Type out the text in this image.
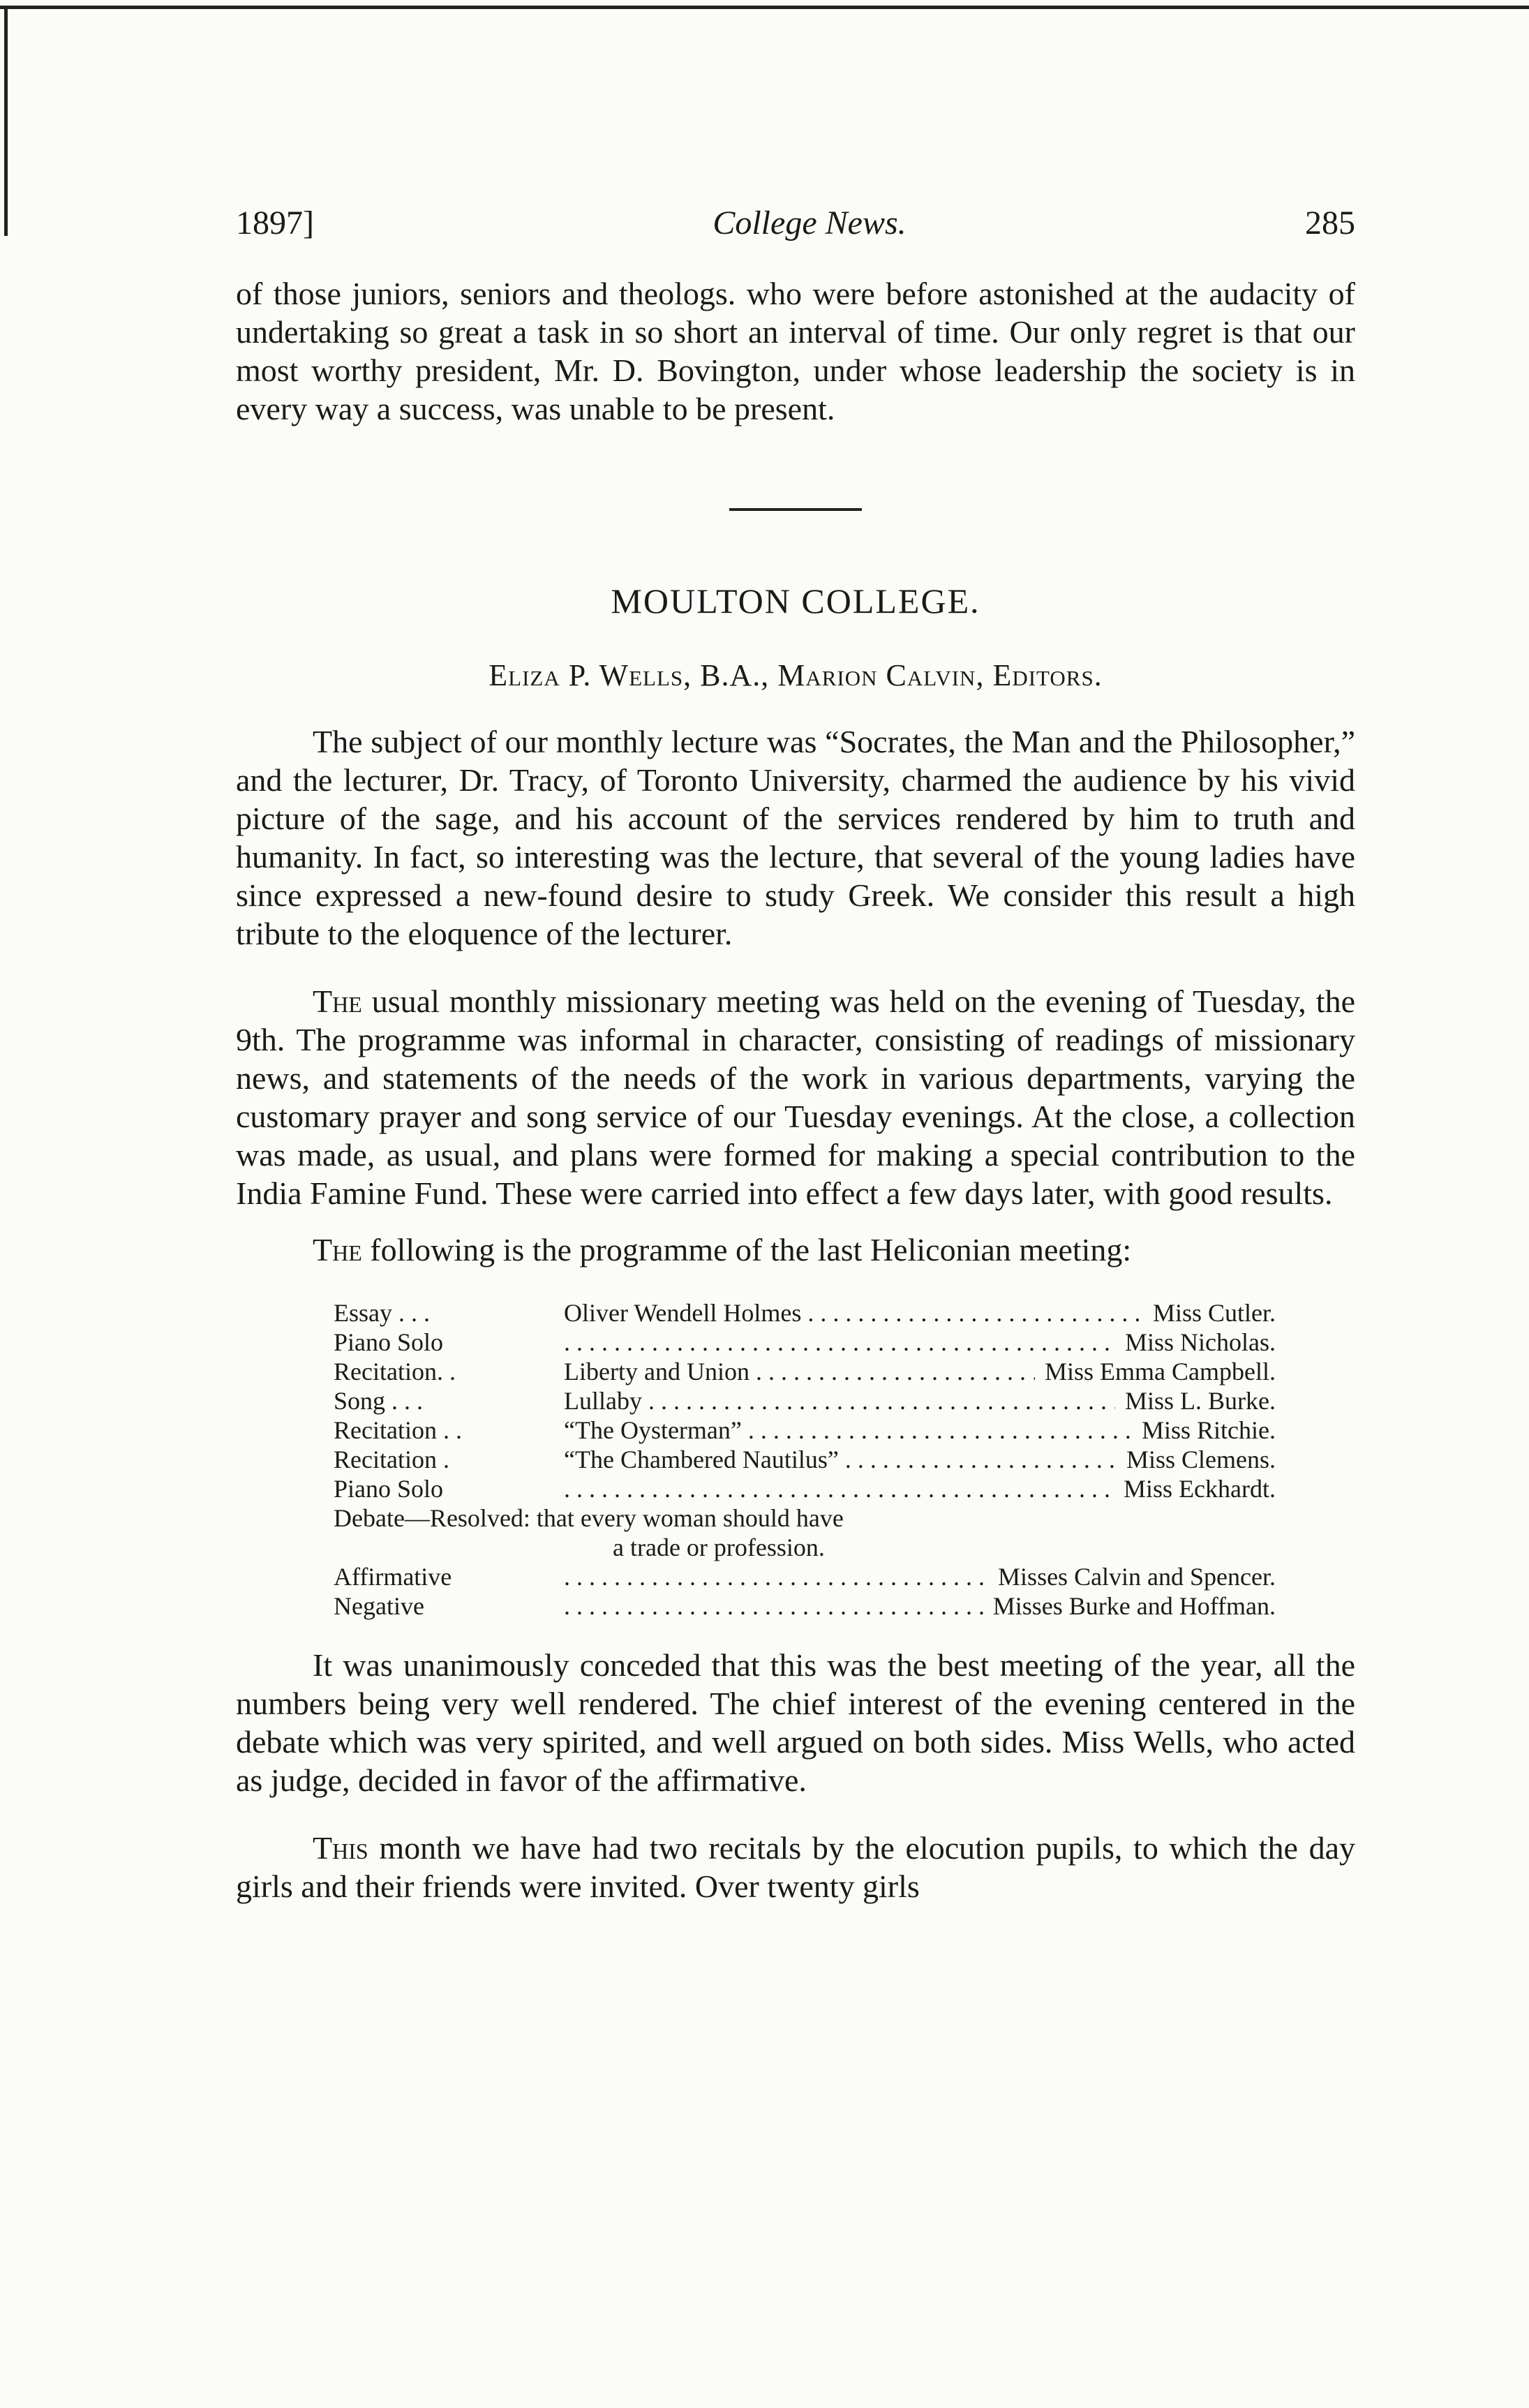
1897]	College News.	285

of those juniors, seniors and theologs. who were before astonished at the audacity of undertaking so great a task in so short an interval of time. Our only regret is that our most worthy president, Mr. D. Bovington, under whose leadership the society is in every way a success, was unable to be present.

MOULTON COLLEGE.
Eliza P. Wells, B.A., Marion Calvin, Editors.

The subject of our monthly lecture was “Socrates, the Man and the Philosopher,” and the lecturer, Dr. Tracy, of Toronto University, charmed the audience by his vivid picture of the sage, and his account of the services rendered by him to truth and humanity. In fact, so interesting was the lecture, that several of the young ladies have since expressed a new-found desire to study Greek. We consider this result a high tribute to the eloquence of the lecturer.

The usual monthly missionary meeting was held on the evening of Tuesday, the 9th. The programme was informal in character, consisting of readings of missionary news, and statements of the needs of the work in various departments, varying the customary prayer and song service of our Tuesday evenings. At the close, a collection was made, as usual, and plans were formed for making a special contribution to the India Famine Fund. These were carried into effect a few days later, with good results.

The following is the programme of the last Heliconian meeting:

Essay . . .	Oliver Wendell Holmes . . .	Miss Cutler.
Piano Solo . . .	Miss Nicholas.
Recitation. .	Liberty and Union . . . . .	Miss Emma Campbell.
Song . . .	Lullaby . . .	Miss L. Burke.
Recitation . .	“The Oysterman” . . .	Miss Ritchie.
Recitation .	“The Chambered Nautilus” . . . . .	Miss Clemens.
Piano Solo . . .	Miss Eckhardt.
Debate—Resolved: that every woman should have
a trade or profession.
Affirmative . . .	Misses Calvin and Spencer.
Negative . . .	Misses Burke and Hoffman.

It was unanimously conceded that this was the best meeting of the year, all the numbers being very well rendered. The chief interest of the evening centered in the debate which was very spirited, and well argued on both sides. Miss Wells, who acted as judge, decided in favor of the affirmative.

This month we have had two recitals by the elocution pupils, to which the day girls and their friends were invited. Over twenty girls
